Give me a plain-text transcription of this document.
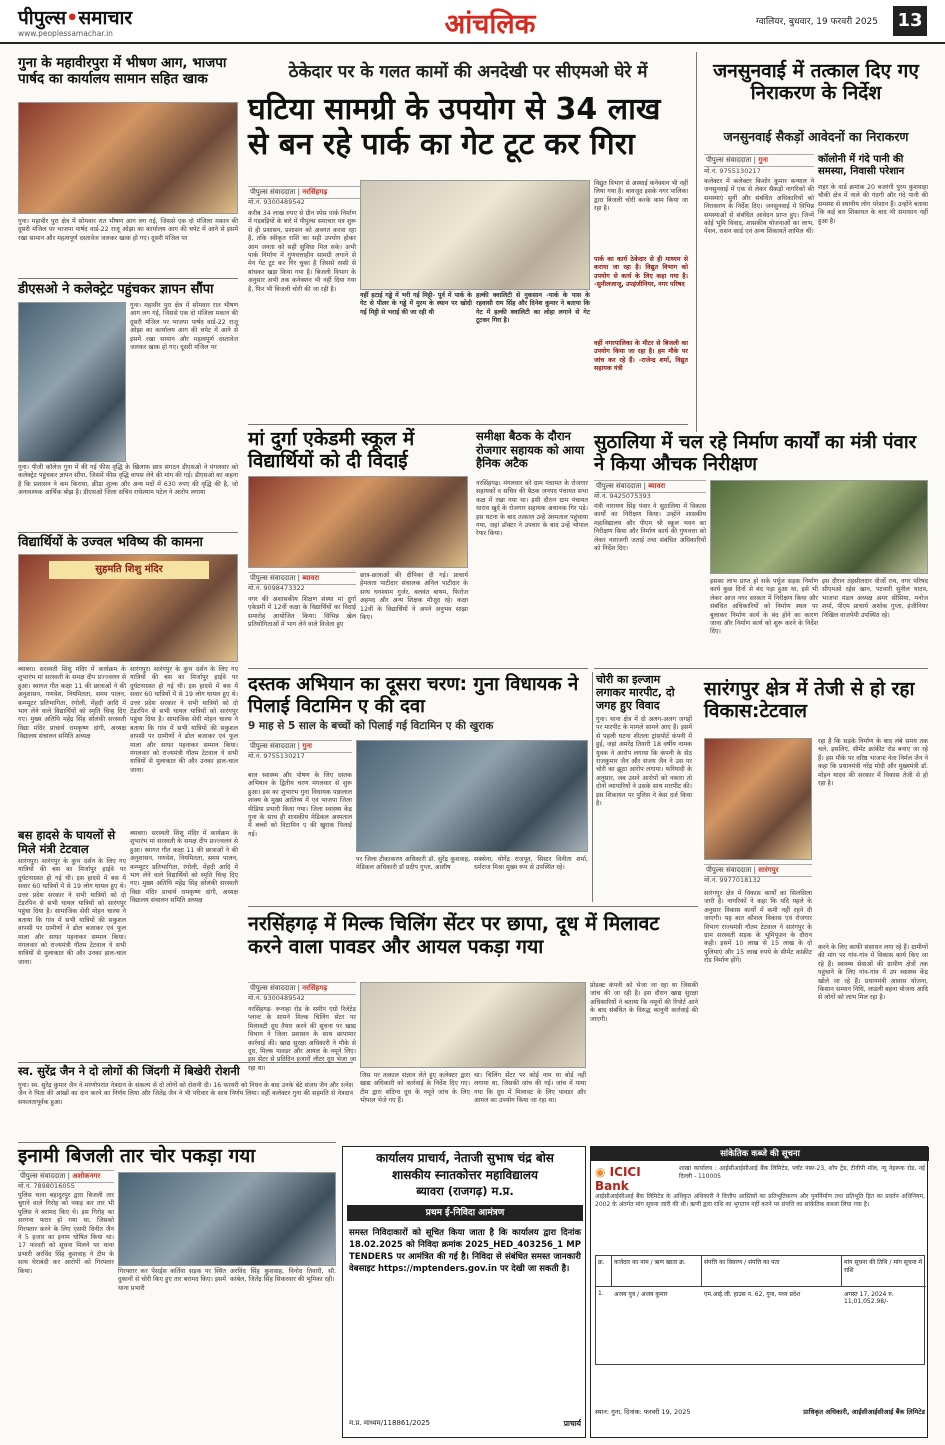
पीपुल्स•समाचार
www.peoplessamachar.in	आंचलिक	ग्वालियर, बुधवार, 19 फरवरी 2025 13
गुना के महावीरपुरा में भीषण आग, भाजपा पार्षद का कार्यालय सामान सहित खाक
गुना। महावीर पुरा क्षेत्र में सोमवार रात भीषण आग लग गई, जिससे एक दो मंजिला मकान की दूसरी मंजिल पर भाजपा पार्षद वार्ड-22 राजू ओझा का कार्यालय आग की चपेट में आने से इसमें रखा सामान और महत्वपूर्ण दस्तावेज जलकर खाक हो गए। दूसरी मंजिल पर
डीएसओ ने कलेक्ट्रेट पहुंचकर ज्ञापन सौंपा
गुना। महावीर पुरा क्षेत्र में सोमवार रात भीषण आग लग गई, जिससे एक दो मंजिला मकान की दूसरी मंजिल पर भाजपा पार्षद वार्ड-22 राजू ओझा का कार्यालय आग की चपेट में आने से इसमें रखा सामान और महत्वपूर्ण दस्तावेज जलकर खाक हो गए। दूसरी मंजिल पर
गुना। पीजी कॉलेज गुना में की गई फीस वृद्धि के खिलाफ छात्र संगठन डीएसओ ने मंगलवार को कलेक्ट्रेट पहुंचकर ज्ञापन सौंपा, जिसमें फीस वृद्धि वापस लेने की मांग की गई। डीएसओ का कहना है कि प्रशासन ने कम किराया, क्रीडा शुल्क और अन्य मदों में 630 रुपए की वृद्धि की है, जो अनावश्यक आर्थिक बोझ है। डीएसओ जिला सचिव राधेश्याम पटेल ने आरोप लगाया
विद्यार्थियों के उज्वल भविष्य की कामना
सुहमति शिशु मंदिर
ब्याबरा। सरस्वती शिशु मंदिर में कार्यक्रम के शुभारंभ मां सरस्वती के समक्ष दीप प्रज्ज्वलन से हुआ। स्वागत गीत कक्षा 11 की छात्राओं ने की अनुशासन, गणवेश, नियमितता, समय पालन, कम्प्यूटर प्रतिभागिता, रंगोली, मेंहदी आदि में भाग लेने वाले विद्यार्थियों को स्मृति चिन्ह दिए गए। मुख्य अतिथि महेंद्र सिंह सोलंकी सरस्वती विद्या मंदिर प्राचार्य रामकृष्ण दांगी, अध्यक्ष विद्यालय संचालन समिति अध्यक्ष
सारंगपुर। सारंगपुर के कुंभ दर्शन के लिए गए यात्रियों की बस का मिर्जापुर हाईवे पर दुर्घटनाग्रस्त हो गई थी। इस हादसे में बस में सवार 60 यात्रियों में से 19 लोग घायल हुए थे। उत्तर प्रदेश सरकार ने सभी यात्रियों को दो टेंडरपिन से सभी घायल यात्रियों को सारंगपुर पहुंचा दिया है। सामाजिक सेवी मोहन चाल्स ने बताया कि गांव में सभी यात्रियों की सकुशल वापसी पर ग्रामीणों ने ढोल बजाकर एवं फूल माला और साफा पहनाकर सम्मान किया। मंगलवार को राज्यमंत्री गौतम टेटवाल ने सभी यात्रियों से मुलाकात की और उनका हाल-चाल जाना।
बस हादसे के घायलों से मिले मंत्री टेटवाल
सारंगपुर। सारंगपुर के कुंभ दर्शन के लिए गए यात्रियों की बस का मिर्जापुर हाईवे पर दुर्घटनाग्रस्त हो गई थी। इस हादसे में बस में सवार 60 यात्रियों में से 19 लोग घायल हुए थे। उत्तर प्रदेश सरकार ने सभी यात्रियों को दो टेंडरपिन से सभी घायल यात्रियों को सारंगपुर पहुंचा दिया है। सामाजिक सेवी मोहन चाल्स ने बताया कि गांव में सभी यात्रियों की सकुशल वापसी पर ग्रामीणों ने ढोल बजाकर एवं फूल माला और साफा पहनाकर सम्मान किया। मंगलवार को राज्यमंत्री गौतम टेटवाल ने सभी यात्रियों से मुलाकात की और उनका हाल-चाल जाना।
ब्याबरा। सरस्वती शिशु मंदिर में कार्यक्रम के शुभारंभ मां सरस्वती के समक्ष दीप प्रज्ज्वलन से हुआ। स्वागत गीत कक्षा 11 की छात्राओं ने की अनुशासन, गणवेश, नियमितता, समय पालन, कम्प्यूटर प्रतिभागिता, रंगोली, मेंहदी आदि में भाग लेने वाले विद्यार्थियों को स्मृति चिन्ह दिए गए। मुख्य अतिथि महेंद्र सिंह सोलंकी सरस्वती विद्या मंदिर प्राचार्य रामकृष्ण दांगी, अध्यक्ष विद्यालय संचालन समिति अध्यक्ष
स्व. सुरेंद्र जैन ने दो लोगों की जिंदगी में बिखेरी रोशनी
गुना। स्व. सुरेंद्र कुमार जैन ने मरणोपरांत नेत्रदान के संकल्प से दो लोगों को रोशनी दी। 16 फरवरी को निधन के बाद उनके बेटे संजय जैन और रत्नेश जैन ने पिता की आंखों का दान करने का निर्णय लिया और जितेंद्र जैन ने भी परिवार के साथ निर्णय लिया। वहीं कलेक्टर गुना की सहमति से नेत्रदान सफलतापूर्वक हुआ।
इनामी बिजली तार चोर पकड़ा गया
पीपुल्स संवाददाता | अशोकनगर
मो.नं. 7898016055
पुलिस थाना बहादुरपुर द्वारा बिजली तार चुराने वाले गिरोह को पकड़ कर तार भी पुलिस ने बरामद किए थे। इस गिरोह का सरगना फरार हो गया था, जिसको गिरफ्तार करने के लिए एसपी विनीत जैन ने 5 हजार का इनाम घोषित किया था। 17 फरवरी को सूचना मिलने पर थाना प्रभारी अरविंद सिंह कुशवाह ने टीम के साथ घेराबंदी कर आरोपी को गिरफ्तार किया।	गिरफ्तार कर पेंसर्ड्स कर्तिवा सड़क पर स्थित दुकानों से चोरी किए हुए तार बरामद किए। इसमें थाना प्रभारी
अरविंद सिंह कुशवाह, विनोद तिवारी, सौ. कांबेल, जितेंद्र सिंह सिकरवार की भूमिका रही।
ठेकेदार पर के गलत कामों की अनदेखी पर सीएमओ घेरे में
घटिया सामग्री के उपयोग से 34 लाख से बन रहे पार्क का गेट टूट कर गिरा
पीपुल्स संवाददाता | नरसिंहगढ़
मो.नं. 9300489542
करीब 34 लाख रुपए से ग्रीन स्पेस पार्क निर्माण में गड़बड़ियों के बारे में पीपुल्स समाचार पत्र शुरू से ही प्रशासन, प्रशासन को अवगत करवा रहा है, तकि स्वीकृत राशि का सही उपयोग होकर आम जनता को सही सुविधा मिल सके। अभी पार्क निर्माण में गुणवत्ताहीन सामग्री लगाने से मेन गेट टूट कर गिर चुका है जिससे रस्सी से बांधकर खड़ा किया गया है। बिजली विभाग के अनुसार अभी तक कनेक्शन भी नहीं दिया गया है, फिर भी बिजली चोरी की जा रही है।
नहीं हटाई गड्ढे में भरी गई मिट्टी- पूर्व में पार्क के गेट से पीलर के गड्ढे में मुरम के स्थान पर खोदी गई मिट्टी से भराई की जा रही थी
हल्की क्वालिटी से नुकसान -पार्क के पास के रहवासी राम सिंह और दिनेश कुमार ने बताया कि गेट में हल्की क्वालिटी का लोहा लगाने से गेट टूटकर गिरा है।
विद्युत विभाग से अस्थाई कनेक्शन भी नहीं लिया गया है। बावजूद इसके नगर पालिका द्वारा बिजली चोरी करके काम किया जा रहा है।
पार्क का कार्य ठेकेदार से ही माध्यम से कराया जा रहा है। विद्युत विभाग को उपयोग से कार्य के लिए कहा गया है। -सुनीलजाजू, उपइंजीनियर, नगर परिषद
वहीं नगरपालिका के मीटर से बिजली का उपयोग किया जा रहा है। हम मौके पर जांच कर रहे हैं। -राजेन्द्र शर्मा, विद्युत सहायक यंत्री
जनसुनवाई में तत्काल दिए गए निराकरण के निर्देश
जनसुनवाई सैकड़ों आवेदनों का निराकरण
पीपुल्स संवाददाता | गुना
मो.नं. 9755130217
कलेक्टर में कलेक्टर किशोर कुमार कन्याल ने जनसुनवाई में एक से लेकर सैकड़ों नागरिकों की समस्याएं सुनीं और संबंधित अधिकारियों को निराकरण के निर्देश दिए। जनसुनवाई में विभिन्न समस्याओं से संबंधित आवेदन प्राप्त हुए। जिन्में कोई भूमि विवाद, शासकीय योजनाओं का लाभ, पेंशन, राशन कार्ड एवं अन्य शिकायतें शामिल थीं।
कॉलोनी में गंदे पानी की समस्या, निवासी परेशान
शहर के वार्ड क्रमांक 20 बजरंगी पुरम कुशवाहा चौकी क्षेत्र में नाले की गंदगी और गंदे पानी की समस्या से स्थानीय लोग परेशान हैं। उन्होंने बताया कि कई बार शिकायत के बाद भी समाधान नहीं हुआ है।
मां दुर्गा एकेडमी स्कूल में विद्यार्थियों को दी विदाई
पीपुल्स संवाददाता | ब्यावरा
मो.नं. 9098473322
नगर की अशासकीय शिक्षण संस्था मां दुर्गा एकेडमी में 12वीं कक्षा के विद्यार्थियों का विदाई समारोह आयोजित किया। विभिन्न खेल प्रतियोगिताओं में भाग लेने वाले विजेता हुए
छात्र-छात्राओं की दीपिका दी गई। प्राचार्य हेमलता पाटीदार संचालक अनिल पाटीदार के साथ घनश्याम गुर्जर, बलवंत बाथम, फिरोज अहमद और अन्य शिक्षक मौजूद रहे। कक्षा 12वीं के विद्यार्थियों ने अपने अनुभव साझा किए।
समीक्षा बैठक के दौरान रोजगार सहायक को आया हैनिक अटैक
नरसिंहगढ़। मंगलवार को ग्राम पंचायत के रोजगार सहायकों व सचिव की बैठक जनपद पंचायत सभा कक्ष में रखा गया था। इसी दौरान ग्राम पंचायत धाराव खुर्द के रोजगार सहायक अचानक गिर पड़े। इस घटना के बाद तत्काल उन्हें अस्पताल पहुंचाया गया, जहां डॉक्टर ने उपचार के बाद उन्हें भोपाल रेफर किया।
सुठालिया में चल रहे निर्माण कार्यों का मंत्री पंवार ने किया औचक निरीक्षण
पीपुल्स संवाददाता | ब्यावरा
मो.नं. 9425075393
मंत्री नारायण सिंह पंवार ने सुठालिया में विकास कार्यों का निरीक्षण किया। उन्होंने शासकीय महाविद्यालय और पीएम श्री स्कूल भवन का निरीक्षण किया और निर्माण कार्य की गुणवत्ता को लेकर नाराजगी जताई तथा संबंधित अधिकारियों को निर्देश दिए।
इसका लाभ प्राप्त हो सके पर्यूज सड़क निर्माण कार्य कुछ दिनों से बंद पड़ा हुआ था, इसे भी लेकर आज नगर सरकार में निरीक्षण किया और संबंधित अधिकारियों को निर्माण स्थल पर बुलाकर निर्माण कार्य के बंद होने का कारण जाना और निर्माण कार्य को शुरू करने के निर्देश दिए।
इस दौरान तहसीलदार वीर्जो राय, नगर परिषद सीएमओ रईस खान, पटवारी सुनील यादव, भाजपा मंडल अध्यक्ष अमर सीसिया, मनोज शर्मा, पीएम प्राचार्य अशोक गुप्ता, इंजीनियर निखिल वाजपेयी उपस्थित रहे।
दस्तक अभियान का दूसरा चरण: गुना विधायक ने पिलाई विटामिन ए की दवा
9 माह से 5 साल के बच्चों को पिलाई गई विटामिन ए की खुराक
पीपुल्स संवाददाता | गुना
मो.नं. 9755130217
बाल स्वास्थ्य और पोषण के लिए दस्तक अभियान के द्वितीय चरण मंगलवार से शुरू हुआ। इस का शुभारंभ गुना विधायक पन्नालाल शाक्य के मुख्य आतिथ्य में एवं भाजपा जिला मीडिया प्रभारी किया गया। जिला स्वास्थ्य केंद्र गुना के साथ ही शासकीय मेडिकल अस्पताल में बच्चों को विटामिन ए की खुराक पिलाई गई।
पर जिला टीकाकरण अधिकारी डॉ. सुरेंद्र कुशवाह, मेडिकल अधिकारी डॉ प्रदीप गुप्ता, आशीष
सक्सेना, योगेंद्र राजपूत, सिस्टर विनीता शर्मा, धर्मराज मिश्रा मुख्य रूप से उपस्थित रहे।
चोरी का इल्जाम लगाकर मारपीट, दो जगह हुए विवाद
गुना। थाना क्षेत्र में दो अलग-अलग जगहों पर मारपीट के मामले सामने आए हैं। इसमें से पहली घटना शीतला ट्रांसपोर्ट कंपनी में हुई, जहां अमरेंद्र तिवारी 18 वर्षीय नामक युवक ने आरोप लगाया कि कंपनी के सेठ राजकुमार जैन और संजय जैन ने उस पर चोरी का झूठा आरोप लगाया। फरियादी के अनुसार, जब उसने आरोपों को नकारा तो दोनों व्यापारियों ने उसके साथ मारपीट की। इस शिकायत पर पुलिस ने केस दर्ज किया है।
सारंगपुर क्षेत्र में तेजी से हो रहा विकास:टेटवाल
रहा है कि सड़के निर्माण के बाद लंबे समय तक चले, इसलिए, सीमेंट क्रांकीट रोड बनाए जा रहे हैं। इस मौके पर वरिष्ठ भाजपा नेता निर्मल जैन ने कहा कि प्रधानमंत्री नरेंद्र मोदी और मुख्यमंत्री डॉ. मोहन यादव की सरकार में विकास तेजी से हो रहा है।
पीपुल्स संवाददाता | सारंगपुर
मो.नं. 9977018132
सारंगपुर क्षेत्र में विकास कार्यों का सिलसिला जारी है। नागरिकों ने कहा कि यदि पहले के अनुसार विकास कार्यों में कमी नहीं रहने दी जाएगी। यह बात कौशल विकास एवं रोजगार विभाग राज्यमंत्री गौतम टेटवाल ने सारंगपुर के ग्राम सरस्वती सड़क के भूमिपूजन के दौरान कही। इसमें 10 लाख से 15 लाख के दो पुलियाएं और 15 लाख रुपये के सीमेंट कांक्रीट रोड निर्माण होंगे।
करने के लिए काफी संसाधन लगा रहे हैं। ग्रामीणों की मांग पर गांव-गांव में विकास कार्य किए जा रहे हैं। स्वास्थ्य सेवाओं की ग्रामीण क्षेत्रों तक पहुंचाने के लिए गांव-गांव में उप स्वास्थ्य केंद्र खोले जा रहे हैं। प्रधानमंत्री आवास योजना, किसान सम्मान निधि, लाडली बहना योजना आदि से लोगों को लाभ मिल रहा है।
नरसिंहगढ़ में मिल्क चिलिंग सेंटर पर छापा, दूध में मिलावट करने वाला पावडर और आयल पकड़ा गया
पीपुल्स संवाददाता | नरसिंहगढ़
मो.नं. 9300489542
नरसिंहगढ़- रूनाहा रोड के समीप एग्रो रिलेटेड प्लान्ट के सामने मिल्क चिलिंग सेंटर पर मिलावटी दूध तैयार करने की सूचना पर खाद्य विभाग ने जिला प्रशासन के साथ छापामार कार्रवाई की। खाद्य सुरक्षा अधिकारी ने मौके से दूध, मिल्क पावडर और आयल के नमूने लिए। इस सेंटर से प्रतिदिन हजारों लीटर दूध भेजा जा रहा था।
जिस पर तत्काल संज्ञान लेते हुए कलेक्टर द्वारा खाद्य अधिकारी को कार्रवाई के निर्देश दिए गए। टीम द्वारा संदिग्ध दूध के नमूने जांच के लिए भोपाल भेजे गए हैं।
था। चिलिंग सेंटर पर कोई नाम या बोर्ड नहीं लगाया था, जिसकी जांच की गई। जांच में पाया गया कि दूध में मिलावट के लिए पावडर और आयल का उपयोग किया जा रहा था।
प्रोडक्ट कंपनी को भेजा जा रहा था जिसकी जांच की जा रही है। इस दौरान खाद्य सुरक्षा अधिकारियों ने बताया कि नमूनों की रिपोर्ट आने के बाद संबंधित के विरुद्ध कानूनी कार्रवाई की जाएगी।
कार्यालय प्राचार्य, नेताजी सुभाष चंद्र बोस
शासकीय स्नातकोत्तर महाविद्यालय
ब्यावरा (राजगढ़) म.प्र.
प्रथम ई-निविदा आमंत्रण
समस्त निविदाकारों को सूचित किया जाता है कि कार्यालय द्वारा दिनांक 18.02.2025 को निविदा क्रमांक 2025_HED_403256_1 MP TENDERS पर आमंत्रित की गई है। निविदा से संबंधित समस्त जानकारी वेबसाइट https://mptenders.gov.in पर देखी जा सकती है।
म.प्र. माध्यम/118861/2025	प्राचार्य
सांकेतिक कब्जे की सूचना
◉ ICICI Bank
शाखा कार्यालय : आईसीआईसीआई बैंक लिमिटेड, प्लॉट नंबर-23, शॉप ट्रेंड, टीवीपी मॉल, न्यू नेहरूक रोड, नई दिल्ली - 110005
आईसीआईसीआई बैंक लिमिटेड के अधिकृत अधिकारी ने वित्तीय आस्तियों का प्रतिभूतिकरण और पुनर्निर्माण तथा प्रतिभूति हित का प्रवर्तन अधिनियम, 2002 के अंतर्गत मांग सूचना जारी की थी। ऋणी द्वारा राशि का भुगतान नहीं करने पर संपत्ति का सांकेतिक कब्जा लिया गया है।
क्र.	कर्जदार का नाम / ऋण खाता क्र.	संपत्ति का विवरण / संपत्ति का पता	मांग सूचना की तिथि / मांग सूचना में राशि
1.	अजय पुत्र / अजय कुमार	एम.आई.जी. हाउस न. 62, गुना, मध्य प्रदेश	अगस्त 17, 2024 रु. 11,01,052.98/-
स्थान: गुना, दिनांक: फरवरी 19, 2025	प्राधिकृत अधिकारी, आईसीआईसीआई बैंक लिमिटेड
